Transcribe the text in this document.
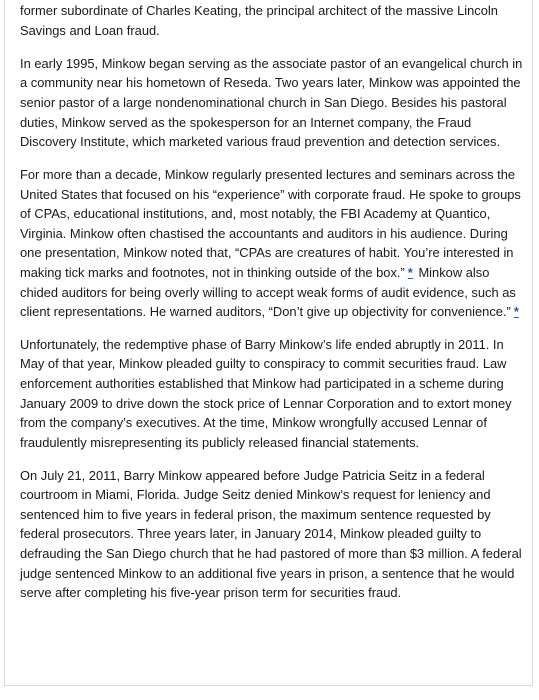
former subordinate of Charles Keating, the principal architect of the massive Lincoln Savings and Loan fraud.

In early 1995, Minkow began serving as the associate pastor of an evangelical church in a community near his hometown of Reseda. Two years later, Minkow was appointed the senior pastor of a large nondenominational church in San Diego. Besides his pastoral duties, Minkow served as the spokesperson for an Internet company, the Fraud Discovery Institute, which marketed various fraud prevention and detection services.

For more than a decade, Minkow regularly presented lectures and seminars across the United States that focused on his “experience” with corporate fraud. He spoke to groups of CPAs, educational institutions, and, most notably, the FBI Academy at Quantico, Virginia. Minkow often chastised the accountants and auditors in his audience. During one presentation, Minkow noted that, “CPAs are creatures of habit. You’re interested in making tick marks and footnotes, not in thinking outside of the box.” * Minkow also chided auditors for being overly willing to accept weak forms of audit evidence, such as client representations. He warned auditors, “Don’t give up objectivity for convenience.” *

Unfortunately, the redemptive phase of Barry Minkow’s life ended abruptly in 2011. In May of that year, Minkow pleaded guilty to conspiracy to commit securities fraud. Law enforcement authorities established that Minkow had participated in a scheme during January 2009 to drive down the stock price of Lennar Corporation and to extort money from the company’s executives. At the time, Minkow wrongfully accused Lennar of fraudulently misrepresenting its publicly released financial statements.

On July 21, 2011, Barry Minkow appeared before Judge Patricia Seitz in a federal courtroom in Miami, Florida. Judge Seitz denied Minkow’s request for leniency and sentenced him to five years in federal prison, the maximum sentence requested by federal prosecutors. Three years later, in January 2014, Minkow pleaded guilty to defrauding the San Diego church that he had pastored of more than $3 million. A federal judge sentenced Minkow to an additional five years in prison, a sentence that he would serve after completing his five-year prison term for securities fraud.
